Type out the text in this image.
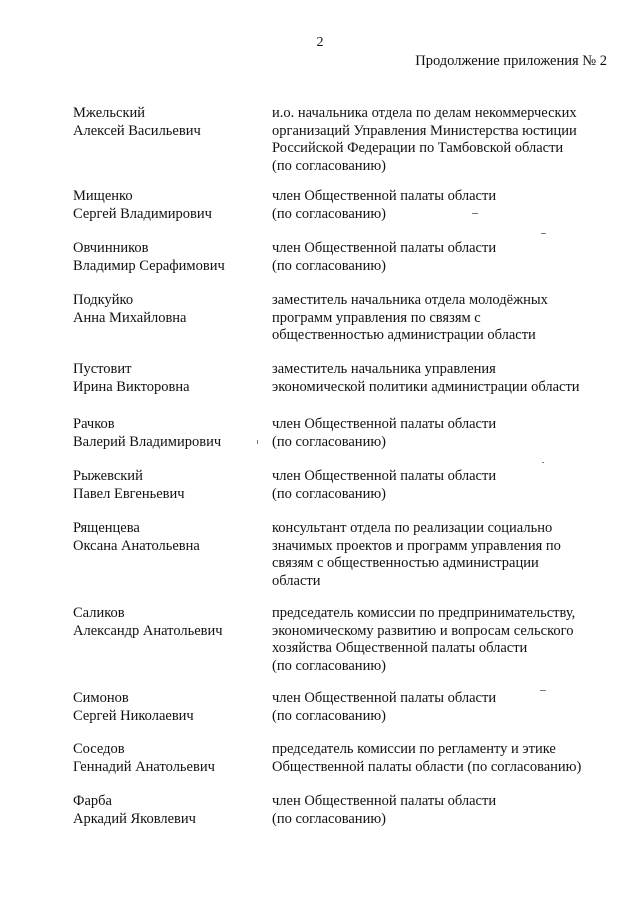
2
Продолжение приложения № 2
Мжельский
Алексей Васильевич
и.о. начальника отдела по делам некоммерческих
организаций Управления Министерства юстиции
Российской Федерации по Тамбовской области
(по согласованию)
Мищенко
Сергей Владимирович
член Общественной палаты области
(по согласованию)
Овчинников
Владимир Серафимович
член Общественной палаты области
(по согласованию)
Подкуйко
Анна Михайловна
заместитель начальника отдела молодёжных
программ управления по связям с
общественностью администрации области
Пустовит
Ирина Викторовна
заместитель начальника управления
экономической политики администрации области
Рачков
Валерий Владимирович
член Общественной палаты области
(по согласованию)
Рыжевский
Павел Евгеньевич
член Общественной палаты области
(по согласованию)
Рященцева
Оксана Анатольевна
консультант отдела по реализации социально
значимых проектов и программ управления по
связям с общественностью администрации
области
Саликов
Александр Анатольевич
председатель комиссии по предпринимательству,
экономическому развитию и вопросам сельского
хозяйства Общественной палаты области
(по согласованию)
Симонов
Сергей Николаевич
член Общественной палаты области
(по согласованию)
Соседов
Геннадий Анатольевич
председатель комиссии по регламенту и этике
Общественной палаты области (по согласованию)
Фарба
Аркадий Яковлевич
член Общественной палаты области
(по согласованию)
